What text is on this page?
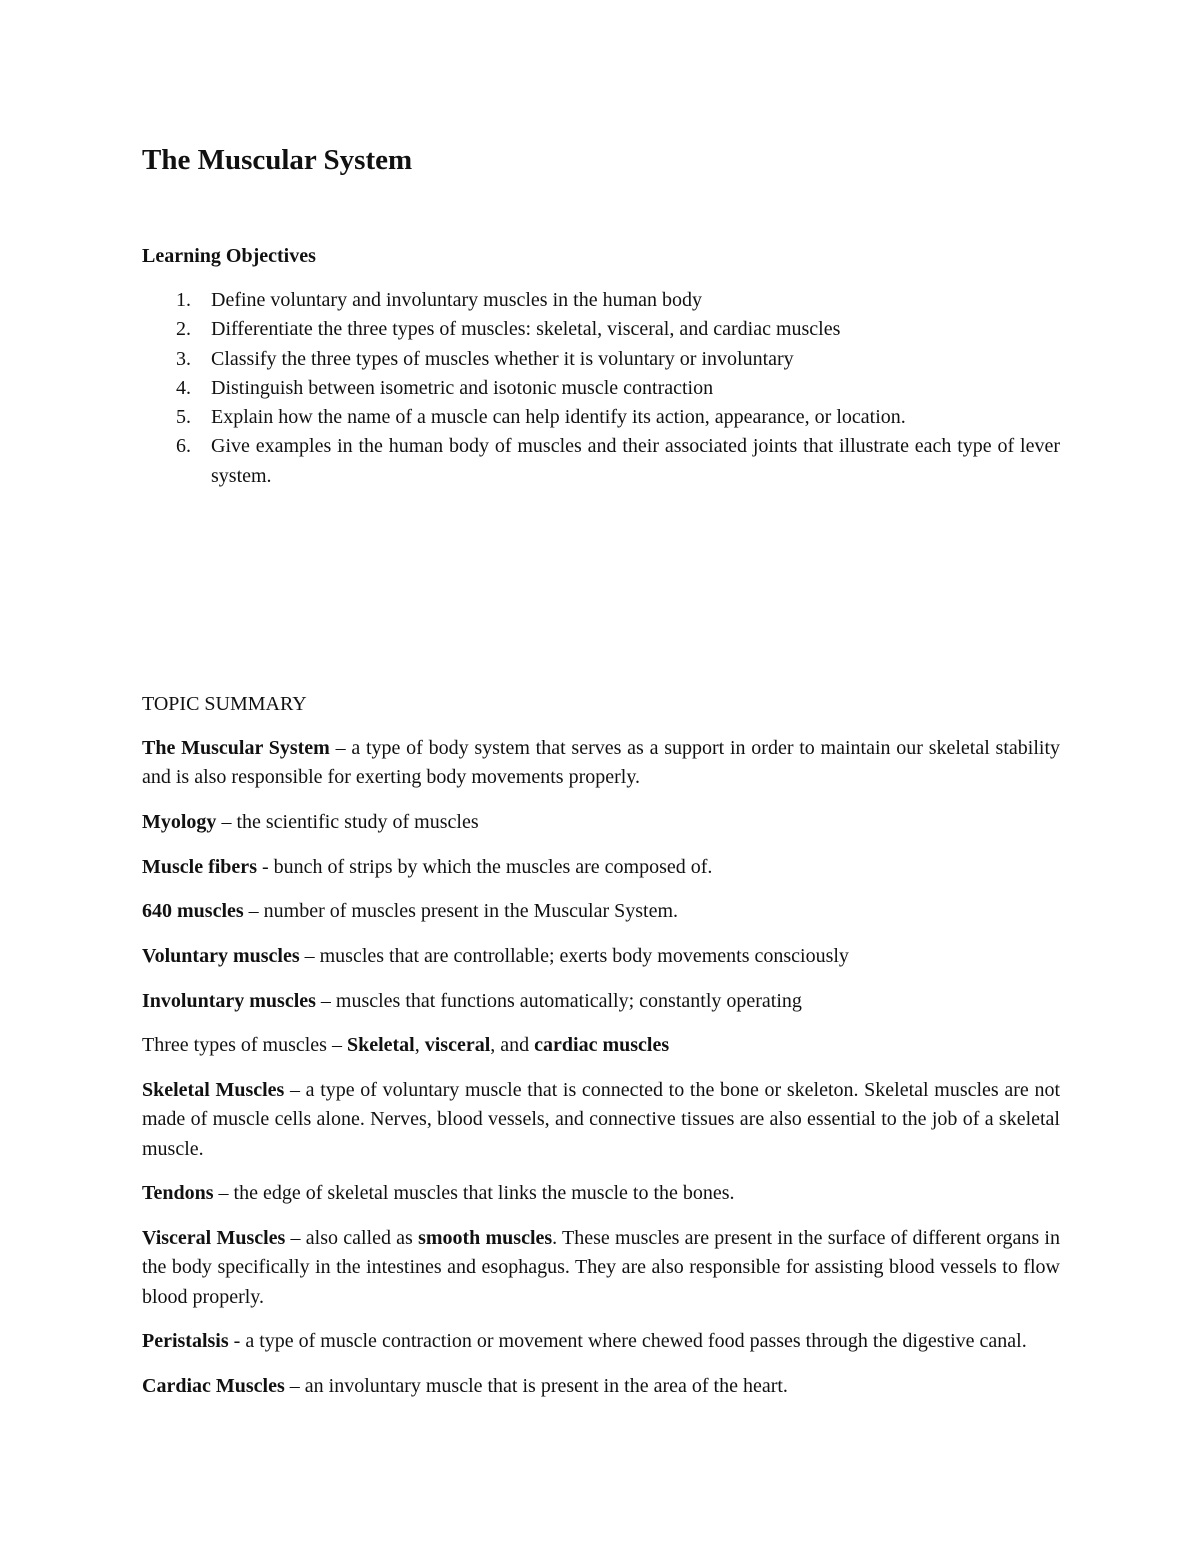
The Muscular System
Learning Objectives
1. Define voluntary and involuntary muscles in the human body
2. Differentiate the three types of muscles: skeletal, visceral, and cardiac muscles
3. Classify the three types of muscles whether it is voluntary or involuntary
4. Distinguish between isometric and isotonic muscle contraction
5. Explain how the name of a muscle can help identify its action, appearance, or location.
6. Give examples in the human body of muscles and their associated joints that illustrate each type of lever system.
TOPIC SUMMARY

The Muscular System – a type of body system that serves as a support in order to maintain our skeletal stability and is also responsible for exerting body movements properly.

Myology – the scientific study of muscles

Muscle fibers - bunch of strips by which the muscles are composed of.

640 muscles – number of muscles present in the Muscular System.

Voluntary muscles – muscles that are controllable; exerts body movements consciously

Involuntary muscles – muscles that functions automatically; constantly operating

Three types of muscles – Skeletal, visceral, and cardiac muscles

Skeletal Muscles – a type of voluntary muscle that is connected to the bone or skeleton. Skeletal muscles are not made of muscle cells alone. Nerves, blood vessels, and connective tissues are also essential to the job of a skeletal muscle.

Tendons – the edge of skeletal muscles that links the muscle to the bones.

Visceral Muscles – also called as smooth muscles. These muscles are present in the surface of different organs in the body specifically in the intestines and esophagus. They are also responsible for assisting blood vessels to flow blood properly.

Peristalsis - a type of muscle contraction or movement where chewed food passes through the digestive canal.

Cardiac Muscles – an involuntary muscle that is present in the area of the heart.
